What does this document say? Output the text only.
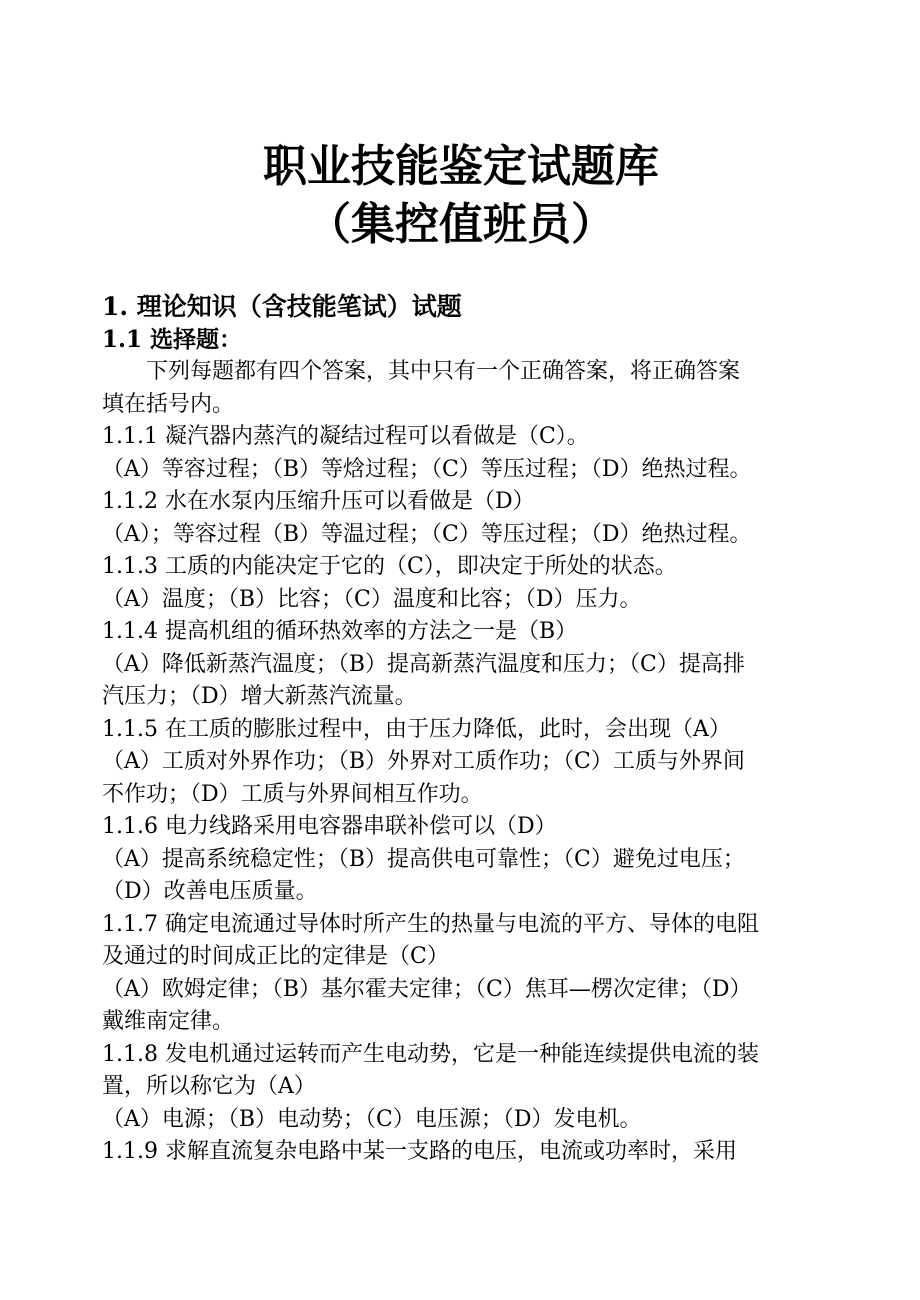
职业技能鉴定试题库

（集控值班员）

1. 理论知识（含技能笔试）试题

1.1 选择题：

下列每题都有四个答案，其中只有一个正确答案，将正确答案

填在括号内。

1.1.1 凝汽器内蒸汽的凝结过程可以看做是（C）。

（A）等容过程；（B）等焓过程；（C）等压过程；（D）绝热过程。

1.1.2 水在水泵内压缩升压可以看做是（D）

（A）；等容过程（B）等温过程；（C）等压过程；（D）绝热过程。

1.1.3 工质的内能决定于它的（C），即决定于所处的状态。

（A）温度；（B）比容；（C）温度和比容；（D）压力。

1.1.4 提高机组的循环热效率的方法之一是（B）

（A）降低新蒸汽温度；（B）提高新蒸汽温度和压力；（C）提高排

汽压力；（D）增大新蒸汽流量。

1.1.5 在工质的膨胀过程中，由于压力降低，此时，会出现（A）

（A）工质对外界作功；（B）外界对工质作功；（C）工质与外界间

不作功；（D）工质与外界间相互作功。

1.1.6 电力线路采用电容器串联补偿可以（D）

（A）提高系统稳定性；（B）提高供电可靠性；（C）避免过电压；

（D）改善电压质量。

1.1.7 确定电流通过导体时所产生的热量与电流的平方、导体的电阻

及通过的时间成正比的定律是（C）

（A）欧姆定律；（B）基尔霍夫定律；（C）焦耳—楞次定律；（D）

戴维南定律。

1.1.8 发电机通过运转而产生电动势，它是一种能连续提供电流的装

置，所以称它为（A）

（A）电源；（B）电动势；（C）电压源；（D）发电机。

1.1.9 求解直流复杂电路中某一支路的电压，电流或功率时，采用
